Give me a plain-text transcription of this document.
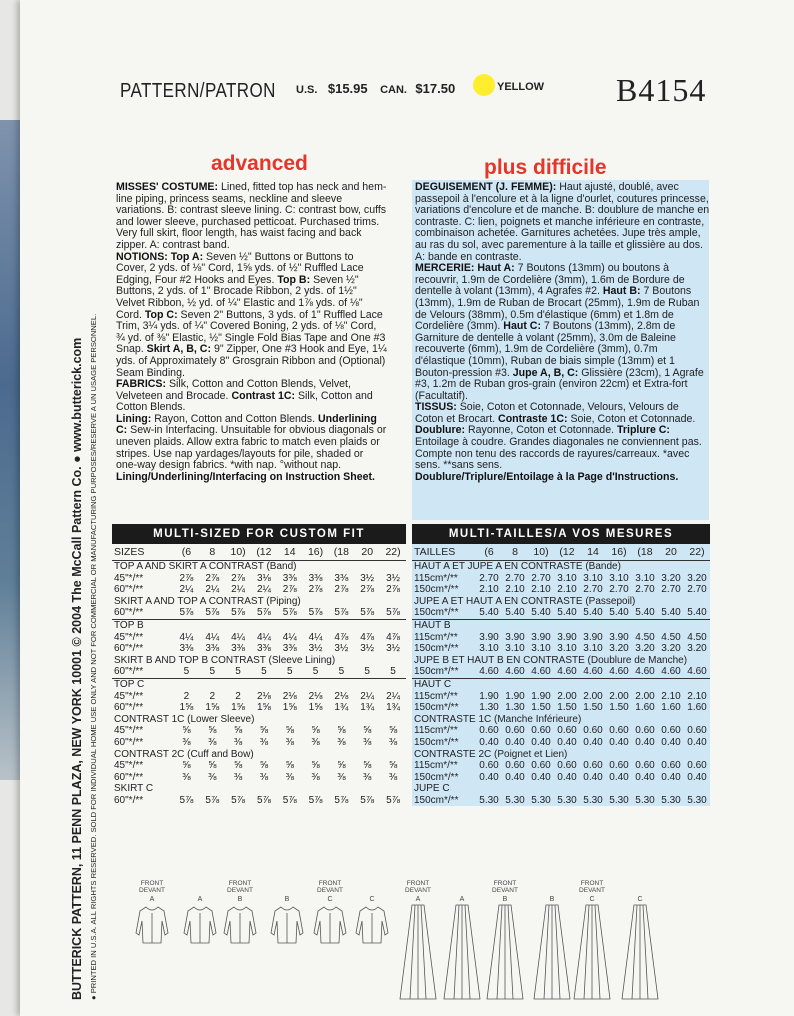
PATTERN/PATRON U.S. $15.95 CAN. $17.50	YELLOW B4154
advanced	plus difficile
BUTTERICK PATTERN, 11 PENN PLAZA, NEW YORK 10001 © 2004 The McCall Pattern Co. ● www.butterick.com ● PRINTED IN U.S.A. ALL RIGHTS RESERVED. SOLD FOR INDIVIDUAL HOME USE ONLY AND NOT FOR COMMERCIAL OR MANUFACTURING PURPOSES/RESERVE A UN USAGE PERSONNEL.
MISSES' COSTUME: Lined, fitted top has neck and hem-line piping, princess seams, neckline and sleeve variations. B: contrast sleeve lining. C: contrast bow, cuffs and lower sleeve, purchased petticoat. Purchased trims. Very full skirt, floor length, has waist facing and back zipper. A: contrast band.
NOTIONS: Top A: Seven ½" Buttons or Buttons to Cover, 2 yds. of ⅛" Cord, 1⅝ yds. of ½" Ruffled Lace Edging, Four #2 Hooks and Eyes. Top B: Seven ½" Buttons, 2 yds. of 1" Brocade Ribbon, 2 yds. of 1½" Velvet Ribbon, ½ yd. of ¼" Elastic and 1⅞ yds. of ⅛" Cord. Top C: Seven 2" Buttons, 3 yds. of 1" Ruffled Lace Trim, 3¼ yds. of ¼" Covered Boning, 2 yds. of ⅛" Cord, ¾ yd. of ⅜" Elastic, ½" Single Fold Bias Tape and One #3 Snap. Skirt A, B, C: 9" Zipper, One #3 Hook and Eye, 1¼ yds. of Approximately 8" Grosgrain Ribbon and (Optional) Seam Binding.
FABRICS: Silk, Cotton and Cotton Blends, Velvet, Velveteen and Brocade. Contrast 1C: Silk, Cotton and Cotton Blends.
Lining: Rayon, Cotton and Cotton Blends. Underlining C: Sew-in Interfacing. Unsuitable for obvious diagonals or uneven plaids. Allow extra fabric to match even plaids or stripes. Use nap yardages/layouts for pile, shaded or one-way design fabrics. *with nap. °without nap.
Lining/Underlining/Interfacing on Instruction Sheet.
DEGUISEMENT (J. FEMME): Haut ajusté, doublé, avec passepoil à l'encolure et à la ligne d'ourlet, coutures princesse, variations d'encolure et de manche. B: doublure de manche en contraste. C: lien, poignets et manche inférieure en contraste, combinaison achetée. Garnitures achetées. Jupe très ample, au ras du sol, avec parementure à la taille et glissière au dos. A: bande en contraste.
MERCERIE: Haut A: 7 Boutons (13mm) ou boutons à recouvrir, 1.9m de Cordelière (3mm), 1.6m de Bordure de dentelle à volant (13mm), 4 Agrafes #2. Haut B: 7 Boutons (13mm), 1.9m de Ruban de Brocart (25mm), 1.9m de Ruban de Velours (38mm), 0.5m d'élastique (6mm) et 1.8m de Cordelière (3mm). Haut C: 7 Boutons (13mm), 2.8m de Garniture de dentelle à volant (25mm), 3.0m de Baleine recouverte (6mm), 1.9m de Cordelière (3mm), 0.7m d'élastique (10mm), Ruban de biais simple (13mm) et 1 Bouton-pression #3. Jupe A, B, C: Glissière (23cm), 1 Agrafe #3, 1.2m de Ruban gros-grain (environ 22cm) et Extra-fort (Facultatif).
TISSUS: Soie, Coton et Cotonnade, Velours, Velours de Coton et Brocart. Contraste 1C: Soie, Coton et Cotonnade.
Doublure: Rayonne, Coton et Cotonnade. Triplure C: Entoilage à coudre. Grandes diagonales ne conviennent pas. Compte non tenu des raccords de rayures/carreaux. *avec sens. **sans sens.
Doublure/Triplure/Entoilage à la Page d'Instructions.
MULTI-SIZED FOR CUSTOM FIT
SIZES	(6	8	10)	(12	14	16)	(18	20	22)
TOP A AND SKIRT A CONTRAST (Band)									
45"*/**	2⅞	2⅞	2⅞	3⅛	3⅜	3⅜	3⅜	3½	3½
60"*/**	2¼	2¼	2¼	2¼	2⅞	2⅞	2⅞	2⅞	2⅞
SKIRT A AND TOP A CONTRAST (Piping)									
60"*/**	5⅞	5⅞	5⅞	5⅞	5⅞	5⅞	5⅞	5⅞	5⅞
TOP B									
45"*/**	4¼	4¼	4¼	4¼	4¼	4¼	4⅞	4⅞	4⅞
60"*/**	3⅜	3⅜	3⅜	3⅜	3⅜	3½	3½	3½	3½
SKIRT B AND TOP B CONTRAST (Sleeve Lining)									
60"*/**	5	5	5	5	5	5	5	5	5
TOP C									
45"*/**	2	2	2	2⅛	2⅛	2⅛	2⅛	2¼	2¼
60"*/**	1⅝	1⅝	1⅝	1⅝	1⅝	1⅝	1¾	1¾	1¾
CONTRAST 1C (Lower Sleeve)									
45"*/**	⅝	⅝	⅝	⅝	⅝	⅝	⅝	⅝	⅝
60"*/**	⅜	⅜	⅜	⅜	⅜	⅜	⅜	⅜	⅜
CONTRAST 2C (Cuff and Bow)									
45"*/**	⅝	⅝	⅝	⅝	⅝	⅝	⅝	⅝	⅝
60"*/**	⅜	⅜	⅜	⅜	⅜	⅜	⅜	⅜	⅜
SKIRT C									
60"*/**	5⅞	5⅞	5⅞	5⅞	5⅞	5⅞	5⅞	5⅞	5⅞
MULTI-TAILLES/A VOS MESURES
TAILLES	(6	8	10)	(12	14	16)	(18	20	22)
HAUT A ET JUPE A EN CONTRASTE (Bande)									
115cm*/**	2.70	2.70	2.70	3.10	3.10	3.10	3.10	3.20	3.20
150cm*/**	2.10	2.10	2.10	2.10	2.70	2.70	2.70	2.70	2.70
JUPE A ET HAUT A EN CONTRASTE (Passepoil)									
150cm*/**	5.40	5.40	5.40	5.40	5.40	5.40	5.40	5.40	5.40
HAUT B									
115cm*/**	3.90	3.90	3.90	3.90	3.90	3.90	4.50	4.50	4.50
150cm*/**	3.10	3.10	3.10	3.10	3.10	3.20	3.20	3.20	3.20
JUPE B ET HAUT B EN CONTRASTE (Doublure de Manche)									
150cm*/**	4.60	4.60	4.60	4.60	4.60	4.60	4.60	4.60	4.60
HAUT C									
115cm*/**	1.90	1.90	1.90	2.00	2.00	2.00	2.00	2.10	2.10
150cm*/**	1.30	1.30	1.50	1.50	1.50	1.50	1.60	1.60	1.60
CONTRASTE 1C (Manche Inférieure)									
115cm*/**	0.60	0.60	0.60	0.60	0.60	0.60	0.60	0.60	0.60
150cm*/**	0.40	0.40	0.40	0.40	0.40	0.40	0.40	0.40	0.40
CONTRASTE 2C (Poignet et Lien)									
115cm*/**	0.60	0.60	0.60	0.60	0.60	0.60	0.60	0.60	0.60
150cm*/**	0.40	0.40	0.40	0.40	0.40	0.40	0.40	0.40	0.40
JUPE C									
150cm*/**	5.30	5.30	5.30	5.30	5.30	5.30	5.30	5.30	5.30
FRONT DEVANT
A	A
FRONT DEVANT
B	B
FRONT DEVANT
C	C
FRONT DEVANT
A	A
FRONT DEVANT
B	B
FRONT DEVANT
C	C
